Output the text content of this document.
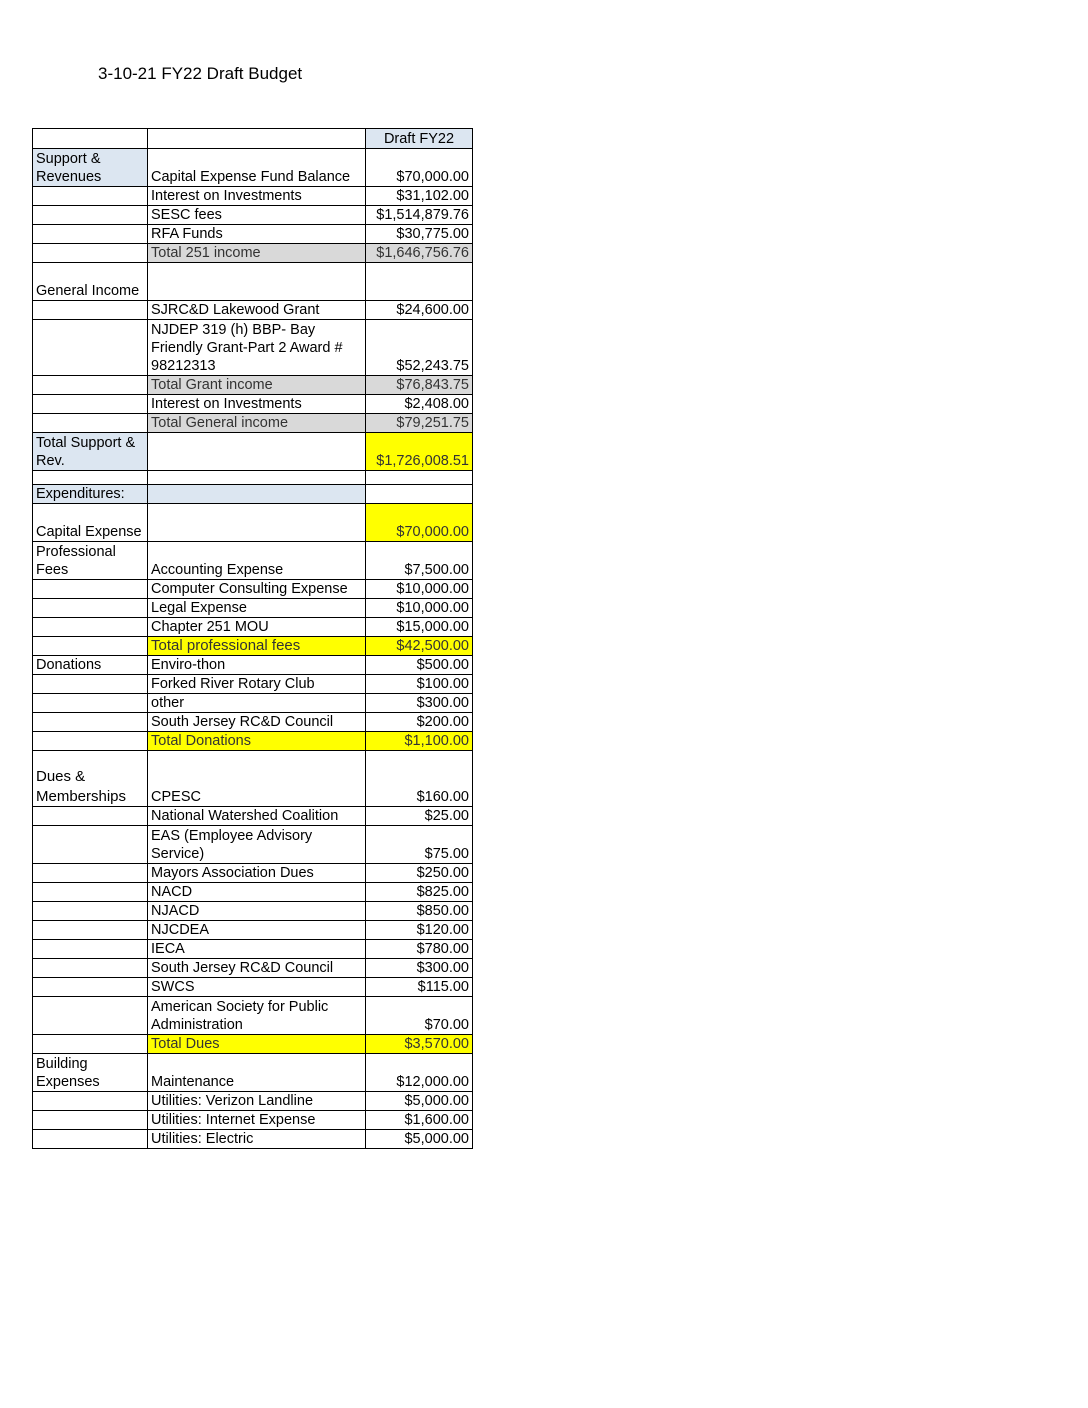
3-10-21 FY22 Draft Budget
		Draft FY22
Support & Revenues	Capital Expense Fund Balance	$70,000.00
	Interest on Investments	$31,102.00
	SESC fees	$1,514,879.76
	RFA Funds	$30,775.00
	Total 251 income	$1,646,756.76
General Income		
	SJRC&D Lakewood Grant	$24,600.00
	NJDEP 319 (h) BBP- Bay Friendly Grant-Part 2 Award # 98212313	$52,243.75
	Total Grant income	$76,843.75
	Interest on Investments	$2,408.00
	Total General income	$79,251.75
Total Support & Rev.		$1,726,008.51

Expenditures:		
Capital Expense		$70,000.00
Professional Fees	Accounting Expense	$7,500.00
	Computer Consulting Expense	$10,000.00
	Legal Expense	$10,000.00
	Chapter 251 MOU	$15,000.00
	Total professional fees	$42,500.00
Donations	Enviro-thon	$500.00
	Forked River Rotary Club	$100.00
	other	$300.00
	South Jersey RC&D Council	$200.00
	Total Donations	$1,100.00
Dues & Memberships	CPESC	$160.00
	National Watershed Coalition	$25.00
	EAS (Employee Advisory Service)	$75.00
	Mayors Association Dues	$250.00
	NACD	$825.00
	NJACD	$850.00
	NJCDEA	$120.00
	IECA	$780.00
	South Jersey RC&D Council	$300.00
	SWCS	$115.00
	American Society for Public Administration	$70.00
	Total Dues	$3,570.00
Building Expenses	Maintenance	$12,000.00
	Utilities: Verizon Landline	$5,000.00
	Utilities: Internet Expense	$1,600.00
	Utilities: Electric	$5,000.00
